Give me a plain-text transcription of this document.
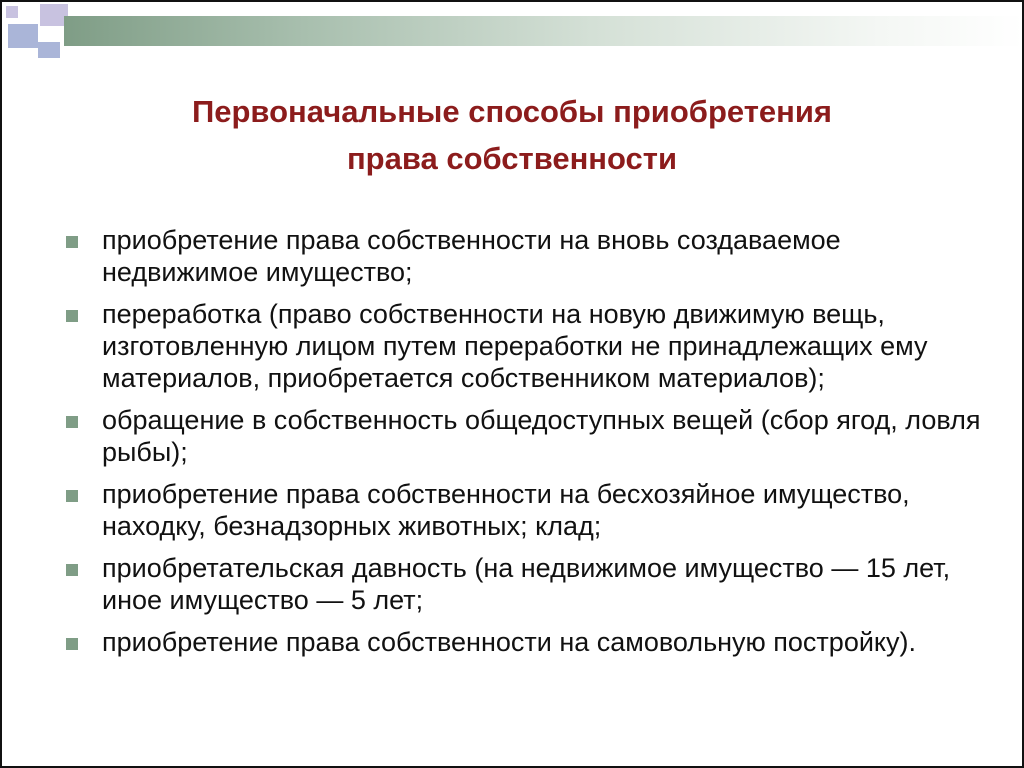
Первоначальные способы приобретения
права собственности
приобретение права собственности на вновь создаваемое недвижимое имущество;
переработка (право собственности на новую движимую вещь, изготовленную лицом путем переработки не принадлежащих ему материалов, приобретается собственником материалов);
обращение в собственность общедоступных вещей (сбор ягод, ловля рыбы);
приобретение права собственности на бесхозяйное имущество, находку, безнадзорных животных; клад;
приобретательская давность (на недвижимое имущество — 15 лет, иное имущество — 5 лет;
приобретение права собственности на самовольную постройку).
